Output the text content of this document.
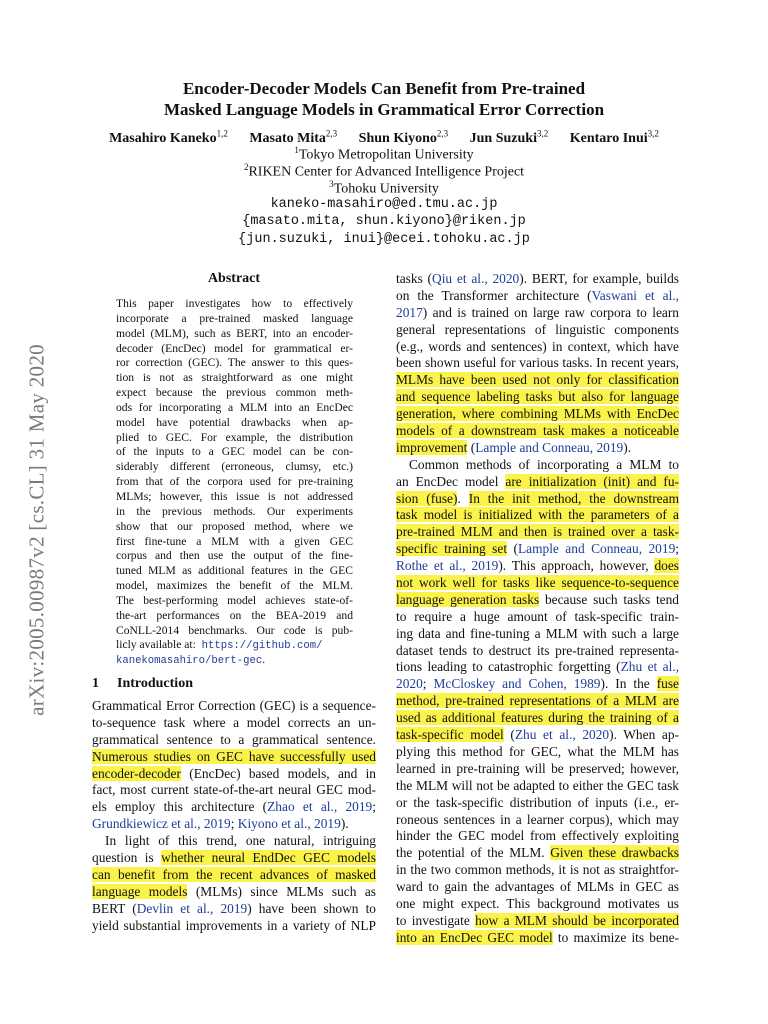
arXiv:2005.00987v2 [cs.CL] 31 May 2020
Encoder-Decoder Models Can Benefit from Pre-trained
Masked Language Models in Grammatical Error Correction
Masahiro Kaneko$^{1,2}$ Masato Mita$^{2,3}$ Shun Kiyono$^{2,3}$ Jun Suzuki$^{3,2}$ Kentaro Inui$^{3,2}$
$^1$Tokyo Metropolitan University
$^2$RIKEN Center for Advanced Intelligence Project
$^3$Tohoku University
kaneko-masahiro@ed.tmu.ac.jp
{masato.mita, shun.kiyono}@riken.jp
{jun.suzuki, inui}@ecei.tohoku.ac.jp
Abstract
This paper investigates how to effectively
incorporate a pre-trained masked language
model (MLM), such as BERT, into an encoder-
decoder (EncDec) model for grammatical er-
ror correction (GEC). The answer to this ques-
tion is not as straightforward as one might
expect because the previous common meth-
ods for incorporating a MLM into an EncDec
model have potential drawbacks when ap-
plied to GEC. For example, the distribution
of the inputs to a GEC model can be con-
siderably different (erroneous, clumsy, etc.)
from that of the corpora used for pre-training
MLMs; however, this issue is not addressed
in the previous methods. Our experiments
show that our proposed method, where we
first fine-tune a MLM with a given GEC
corpus and then use the output of the fine-
tuned MLM as additional features in the GEC
model, maximizes the benefit of the MLM.
The best-performing model achieves state-of-
the-art performances on the BEA-2019 and
CoNLL-2014 benchmarks. Our code is pub-
licly available at: https://github.com/
kanekomasahiro/bert-gec.
1 Introduction
Grammatical Error Correction (GEC) is a sequence-
to-sequence task where a model corrects an un-
grammatical sentence to a grammatical sentence.
Numerous studies on GEC have successfully used
encoder-decoder (EncDec) based models, and in
fact, most current state-of-the-art neural GEC mod-
els employ this architecture (Zhao et al., 2019;
Grundkiewicz et al., 2019; Kiyono et al., 2019).
In light of this trend, one natural, intriguing
question is whether neural EndDec GEC models
can benefit from the recent advances of masked
language models (MLMs) since MLMs such as
BERT (Devlin et al., 2019) have been shown to
yield substantial improvements in a variety of NLP
tasks (Qiu et al., 2020). BERT, for example, builds
on the Transformer architecture (Vaswani et al.,
2017) and is trained on large raw corpora to learn
general representations of linguistic components
(e.g., words and sentences) in context, which have
been shown useful for various tasks. In recent years,
MLMs have been used not only for classification
and sequence labeling tasks but also for language
generation, where combining MLMs with EncDec
models of a downstream task makes a noticeable
improvement (Lample and Conneau, 2019).
Common methods of incorporating a MLM to
an EncDec model are initialization (init) and fu-
sion (fuse). In the init method, the downstream
task model is initialized with the parameters of a
pre-trained MLM and then is trained over a task-
specific training set (Lample and Conneau, 2019;
Rothe et al., 2019). This approach, however, does
not work well for tasks like sequence-to-sequence
language generation tasks because such tasks tend
to require a huge amount of task-specific train-
ing data and fine-tuning a MLM with such a large
dataset tends to destruct its pre-trained representa-
tions leading to catastrophic forgetting (Zhu et al.,
2020; McCloskey and Cohen, 1989). In the fuse
method, pre-trained representations of a MLM are
used as additional features during the training of a
task-specific model (Zhu et al., 2020). When ap-
plying this method for GEC, what the MLM has
learned in pre-training will be preserved; however,
the MLM will not be adapted to either the GEC task
or the task-specific distribution of inputs (i.e., er-
roneous sentences in a learner corpus), which may
hinder the GEC model from effectively exploiting
the potential of the MLM. Given these drawbacks
in the two common methods, it is not as straightfor-
ward to gain the advantages of MLMs in GEC as
one might expect. This background motivates us
to investigate how a MLM should be incorporated
into an EncDec GEC model to maximize its bene-
